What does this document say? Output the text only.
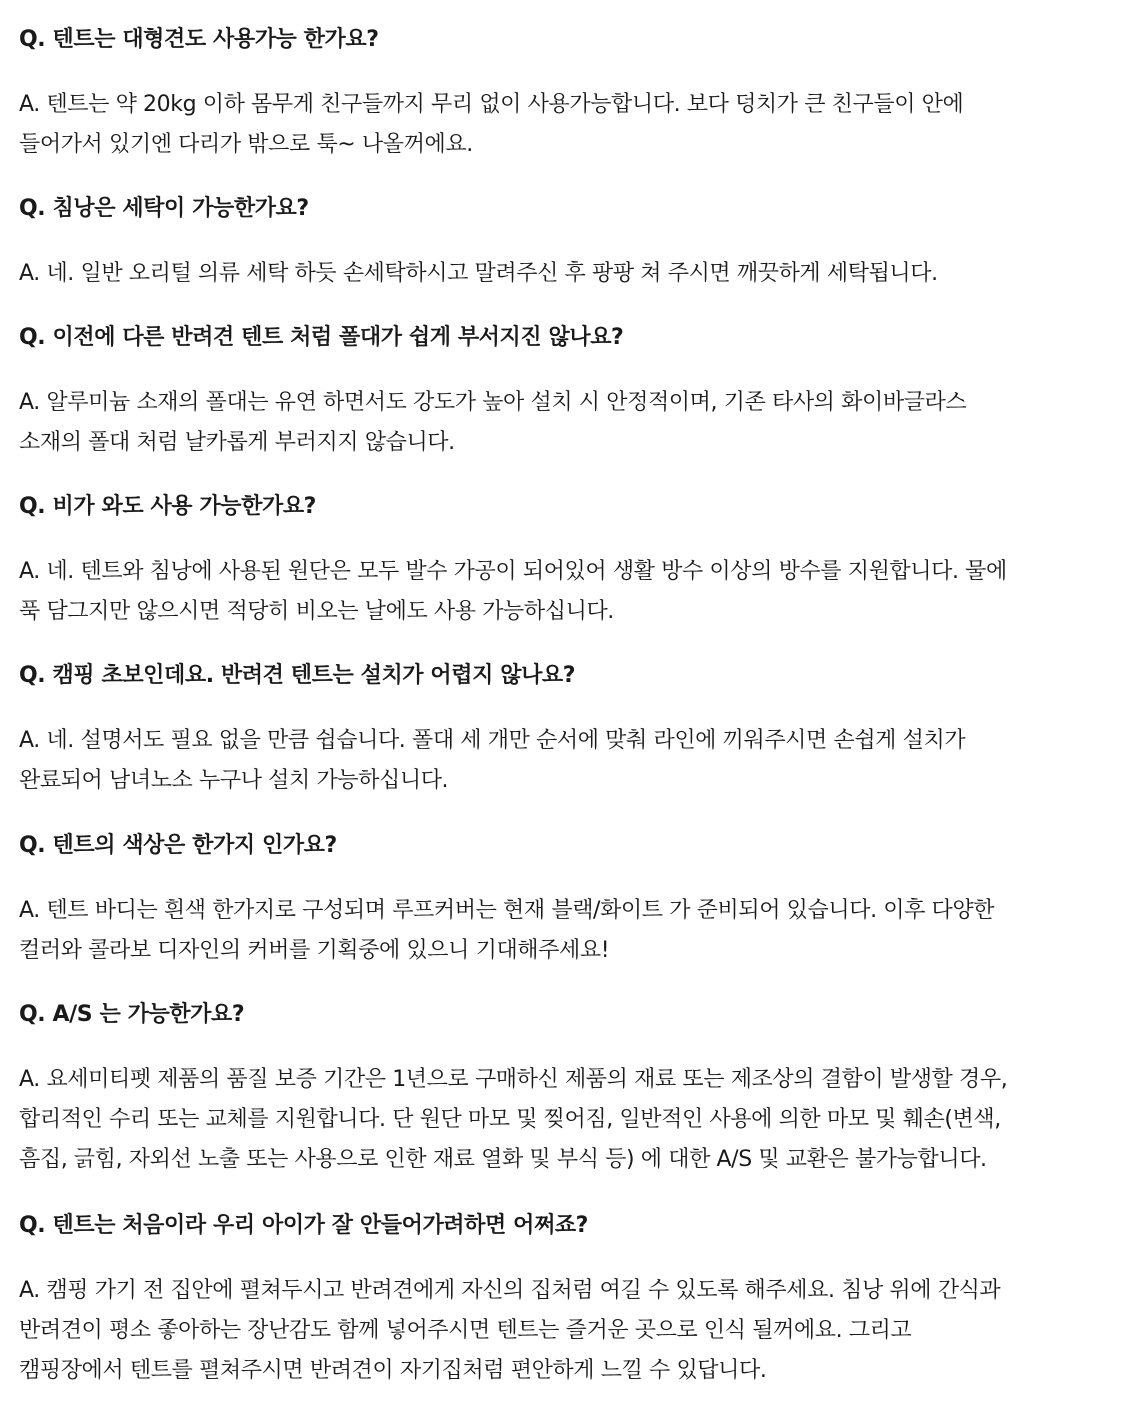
Q. 텐트는 대형견도 사용가능 한가요?

A. 텐트는 약 20kg 이하 몸무게 친구들까지 무리 없이 사용가능합니다. 보다 덩치가 큰 친구들이 안에
들어가서 있기엔 다리가 밖으로 툭~ 나올꺼에요.

Q. 침낭은 세탁이 가능한가요?

A. 네. 일반 오리털 의류 세탁 하듯 손세탁하시고 말려주신 후 팡팡 쳐 주시면 깨끗하게 세탁됩니다.

Q. 이전에 다른 반려견 텐트 처럼 폴대가 쉽게 부서지진 않나요?

A. 알루미늄 소재의 폴대는 유연 하면서도 강도가 높아 설치 시 안정적이며, 기존 타사의 화이바글라스
소재의 폴대 처럼 날카롭게 부러지지 않습니다.

Q. 비가 와도 사용 가능한가요?

A. 네. 텐트와 침낭에 사용된 원단은 모두 발수 가공이 되어있어 생활 방수 이상의 방수를 지원합니다. 물에
푹 담그지만 않으시면 적당히 비오는 날에도 사용 가능하십니다.

Q. 캠핑 초보인데요. 반려견 텐트는 설치가 어렵지 않나요?

A. 네. 설명서도 필요 없을 만큼 쉽습니다. 폴대 세 개만 순서에 맞춰 라인에 끼워주시면 손쉽게 설치가
완료되어 남녀노소 누구나 설치 가능하십니다.

Q. 텐트의 색상은 한가지 인가요?

A. 텐트 바디는 흰색 한가지로 구성되며 루프커버는 현재 블랙/화이트 가 준비되어 있습니다. 이후 다양한
컬러와 콜라보 디자인의 커버를 기획중에 있으니 기대해주세요!

Q. A/S 는 가능한가요?

A. 요세미티펫 제품의 품질 보증 기간은 1년으로 구매하신 제품의 재료 또는 제조상의 결함이 발생할 경우,
합리적인 수리 또는 교체를 지원합니다. 단 원단 마모 및 찢어짐, 일반적인 사용에 의한 마모 및 훼손(변색,
흠집, 긁힘, 자외선 노출 또는 사용으로 인한 재료 열화 및 부식 등) 에 대한 A/S 및 교환은 불가능합니다.

Q. 텐트는 처음이라 우리 아이가 잘 안들어가려하면 어쩌죠?

A. 캠핑 가기 전 집안에 펼쳐두시고 반려견에게 자신의 집처럼 여길 수 있도록 해주세요. 침낭 위에 간식과
반려견이 평소 좋아하는 장난감도 함께 넣어주시면 텐트는 즐거운 곳으로 인식 될꺼에요. 그리고
캠핑장에서 텐트를 펼쳐주시면 반려견이 자기집처럼 편안하게 느낄 수 있답니다.
